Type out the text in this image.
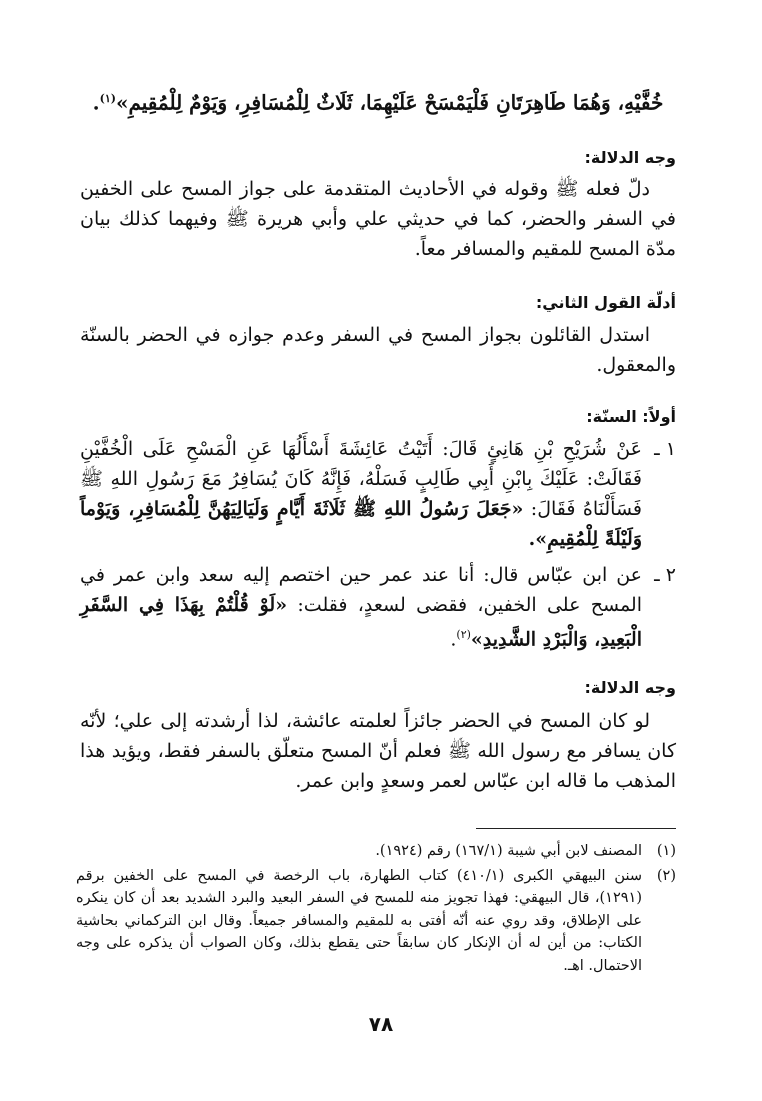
خُفَّيْهِ، وَهُمَا طَاهِرَتَانِ فَلْيَمْسَحْ عَلَيْهِمَا، ثَلَاثٌ لِلْمُسَافِرِ، وَيَوْمٌ لِلْمُقِيمِ»$^{(١)}$.

وجه الدلالة:

دلّ فعله ﷺ وقوله في الأحاديث المتقدمة على جواز المسح على الخفين في السفر والحضر، كما في حديثي علي وأبي هريرة ﷺ وفيهما كذلك بيان مدّة المسح للمقيم والمسافر معاً.

أدلّة القول الثاني:

استدل القائلون بجواز المسح في السفر وعدم جوازه في الحضر بالسنّة والمعقول.

أولاً: السنّة:
١ ـ
عَنْ شُرَيْحِ بْنِ هَانِئٍ قَالَ: أَتَيْتُ عَائِشَةَ أَسْأَلُهَا عَنِ الْمَسْحِ عَلَى الْخُفَّيْنِ فَقَالَتْ: عَلَيْكَ بِابْنِ أَبِي طَالِبٍ فَسَلْهُ، فَإِنَّهُ كَانَ يُسَافِرُ مَعَ رَسُولِ اللهِ ﷺ فَسَأَلْنَاهُ فَقَالَ: «جَعَلَ رَسُولُ اللهِ ﷺ ثَلَاثَةَ أَيَّامٍ وَلَيَالِيَهُنَّ لِلْمُسَافِرِ، وَيَوْماً وَلَيْلَةً لِلْمُقِيمِ».
٢ ـ
عن ابن عبّاس قال: أنا عند عمر حين اختصم إليه سعد وابن عمر في المسح على الخفين، فقضى لسعدٍ، فقلت: «لَوْ قُلْتُمْ بِهَذَا فِي السَّفَرِ الْبَعِيدِ، وَالْبَرْدِ الشَّدِيدِ»$^{(٢)}$.
وجه الدلالة:

لو كان المسح في الحضر جائزاً لعلمته عائشة، لذا أرشدته إلى علي؛ لأنّه كان يسافر مع رسول الله ﷺ فعلم أنّ المسح متعلّق بالسفر فقط، ويؤيد هذا المذهب ما قاله ابن عبّاس لعمر وسعدٍ وابن عمر.

(١)
المصنف لابن أبي شيبة (١٦٧/١) رقم (١٩٢٤).
(٢)
سنن البيهقي الكبرى (٤١٠/١) كتاب الطهارة، باب الرخصة في المسح على الخفين برقم (١٢٩١)، قال البيهقي: فهذا تجويز منه للمسح في السفر البعيد والبرد الشديد بعد أن كان ينكره على الإطلاق، وقد روي عنه أنّه أفتى به للمقيم والمسافر جميعاً. وقال ابن التركماني بحاشية الكتاب: من أين له أن الإنكار كان سابقاً حتى يقطع بذلك، وكان الصواب أن يذكره على وجه الاحتمال. اهـ.
٧٨
